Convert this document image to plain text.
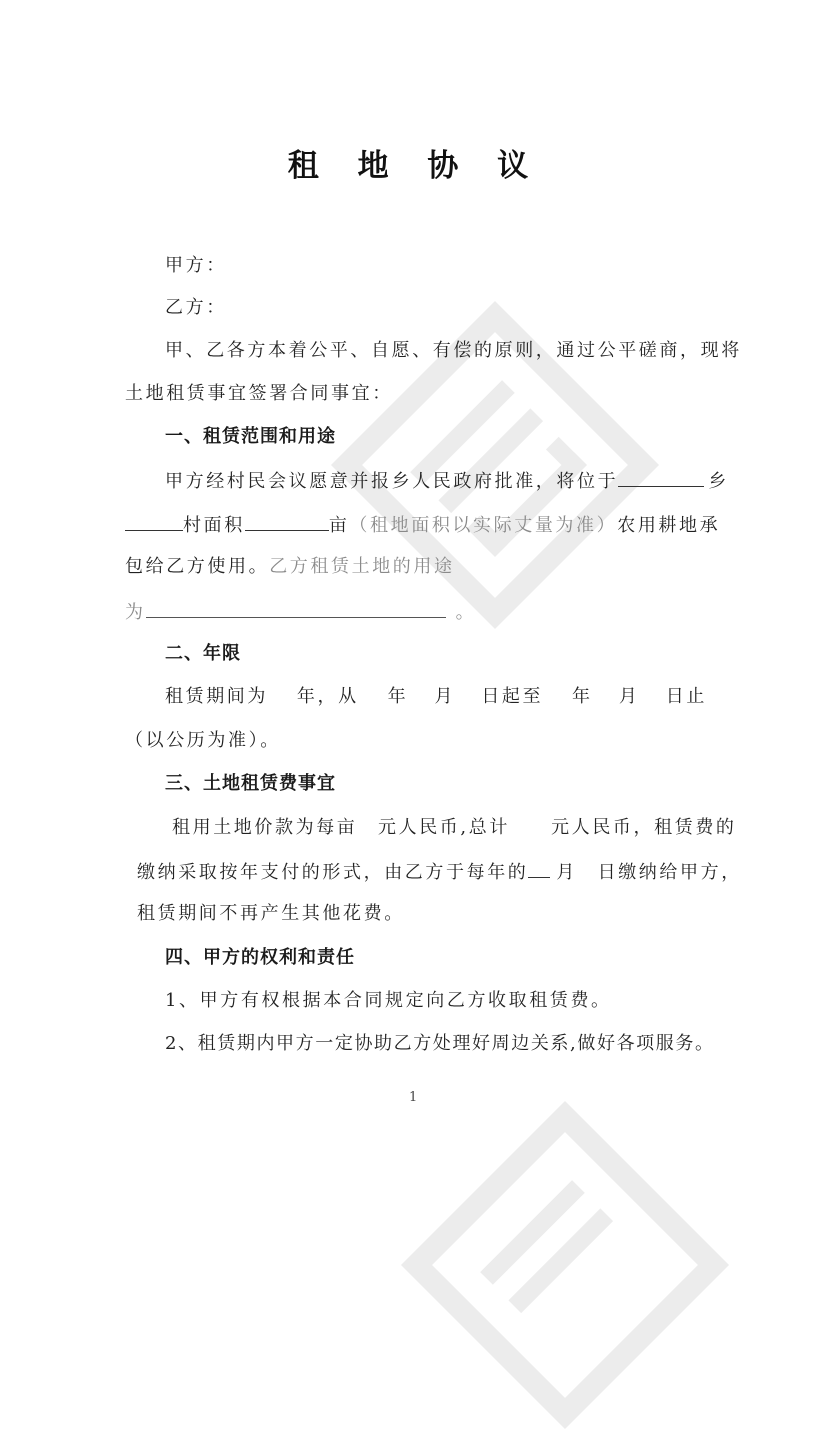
租 地 协 议
甲方：
乙方：
甲、乙各方本着公平、自愿、有偿的原则，通过公平磋商，现将
土地租赁事宜签署合同事宜：
一、租赁范围和用途
甲方经村民会议愿意并报乡人民政府批准，将位于	乡
村面积	亩（租地面积以实际丈量为准）农用耕地承
包给乙方使用。乙方租赁土地的用途
为	。
二、年限
租赁期间为 年，从 年 月 日起至 年 月 日止
（以公历为准）。
三、土地租赁费事宜
租用土地价款为每亩　元人民币,总计　　元人民币，租赁费的
缴纳采取按年支付的形式，由乙方于每年的 月　日缴纳给甲方，
租赁期间不再产生其他花费。
四、甲方的权利和责任
1、甲方有权根据本合同规定向乙方收取租赁费。
2、租赁期内甲方一定协助乙方处理好周边关系,做好各项服务。
1
